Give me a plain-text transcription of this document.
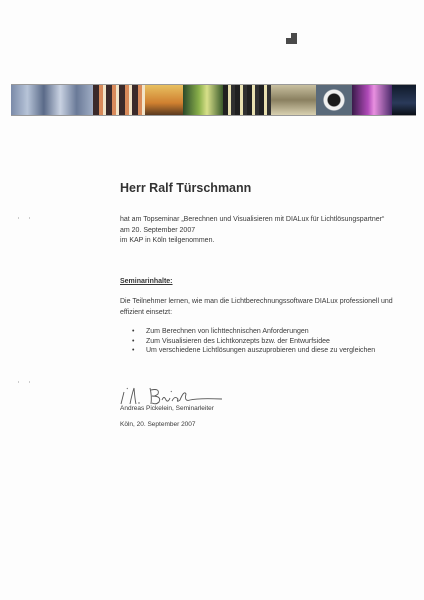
Herr Ralf Türschmann
hat am Topseminar „Berechnen und Visualisieren mit DIALux für Lichtlösungspartner“
am 20. September 2007
im KAP in Köln teilgenommen.
Seminarinhalte:
Die Teilnehmer lernen, wie man die Lichtberechnungssoftware DIALux professionell und
effizient einsetzt:
• Zum Berechnen von lichttechnischen Anforderungen
• Zum Visualisieren des Lichtkonzepts bzw. der Entwurfsidee
• Um verschiedene Lichtlösungen auszuprobieren und diese zu vergleichen
Andreas Pickelein, Seminarleiter
Köln, 20. September 2007
